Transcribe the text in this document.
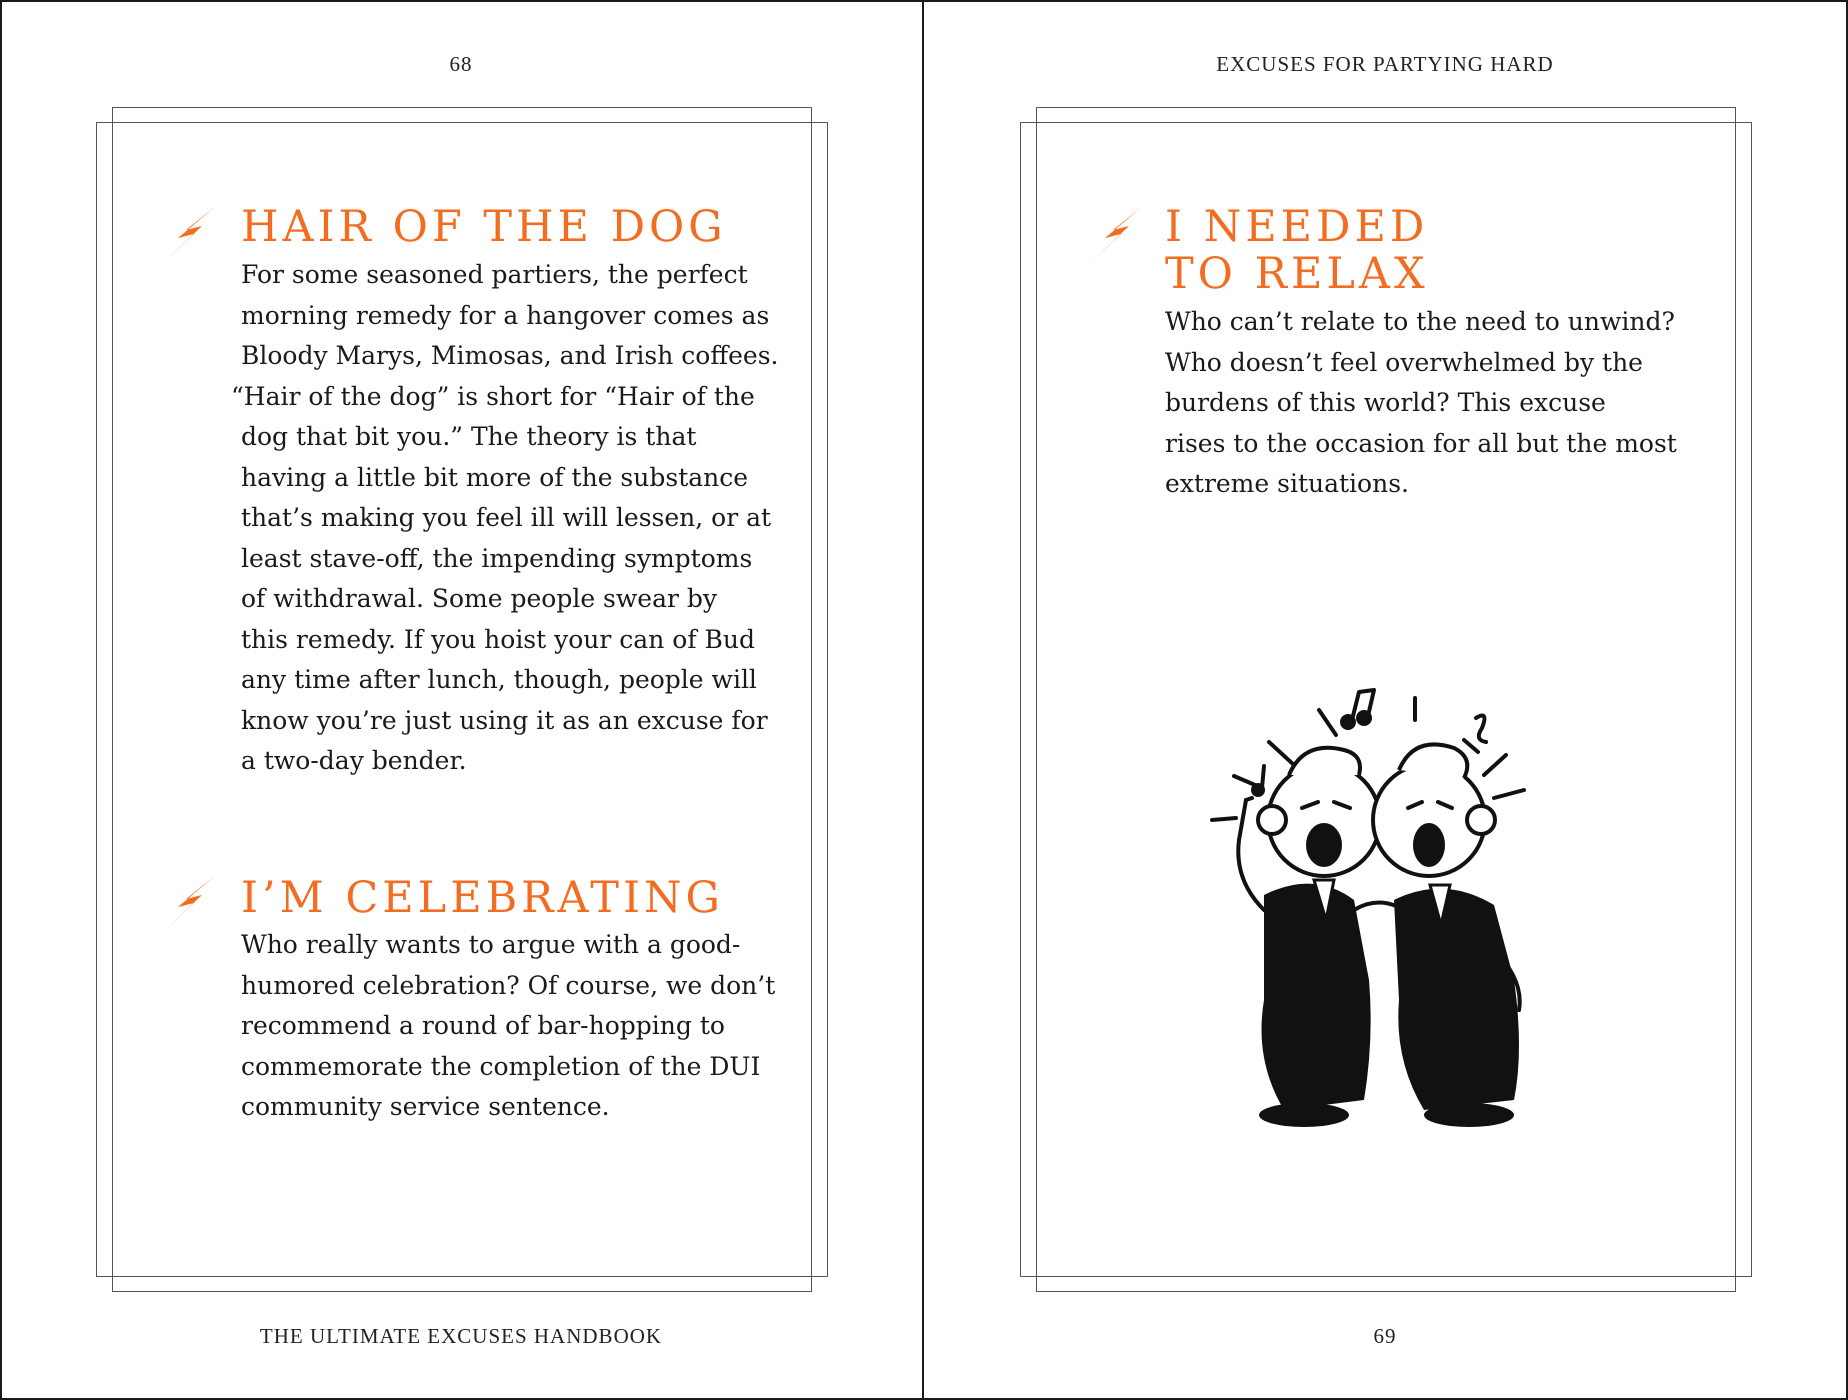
68
HAIR OF THE DOG
For some seasoned partiers, the perfect
morning remedy for a hangover comes as
Bloody Marys, Mimosas, and Irish coffees.
“Hair of the dog” is short for “Hair of the
dog that bit you.” The theory is that
having a little bit more of the substance
that’s making you feel ill will lessen, or at
least stave-off, the impending symptoms
of withdrawal. Some people swear by
this remedy. If you hoist your can of Bud
any time after lunch, though, people will
know you’re just using it as an excuse for
a two-day bender.
I’M CELEBRATING
Who really wants to argue with a good-
humored celebration? Of course, we don’t
recommend a round of bar-hopping to
commemorate the completion of the DUI
community service sentence.
THE ULTIMATE EXCUSES HANDBOOK
EXCUSES FOR PARTYING HARD
I NEEDED
TO RELAX
Who can’t relate to the need to unwind?
Who doesn’t feel overwhelmed by the
burdens of this world? This excuse
rises to the occasion for all but the most
extreme situations.
69
